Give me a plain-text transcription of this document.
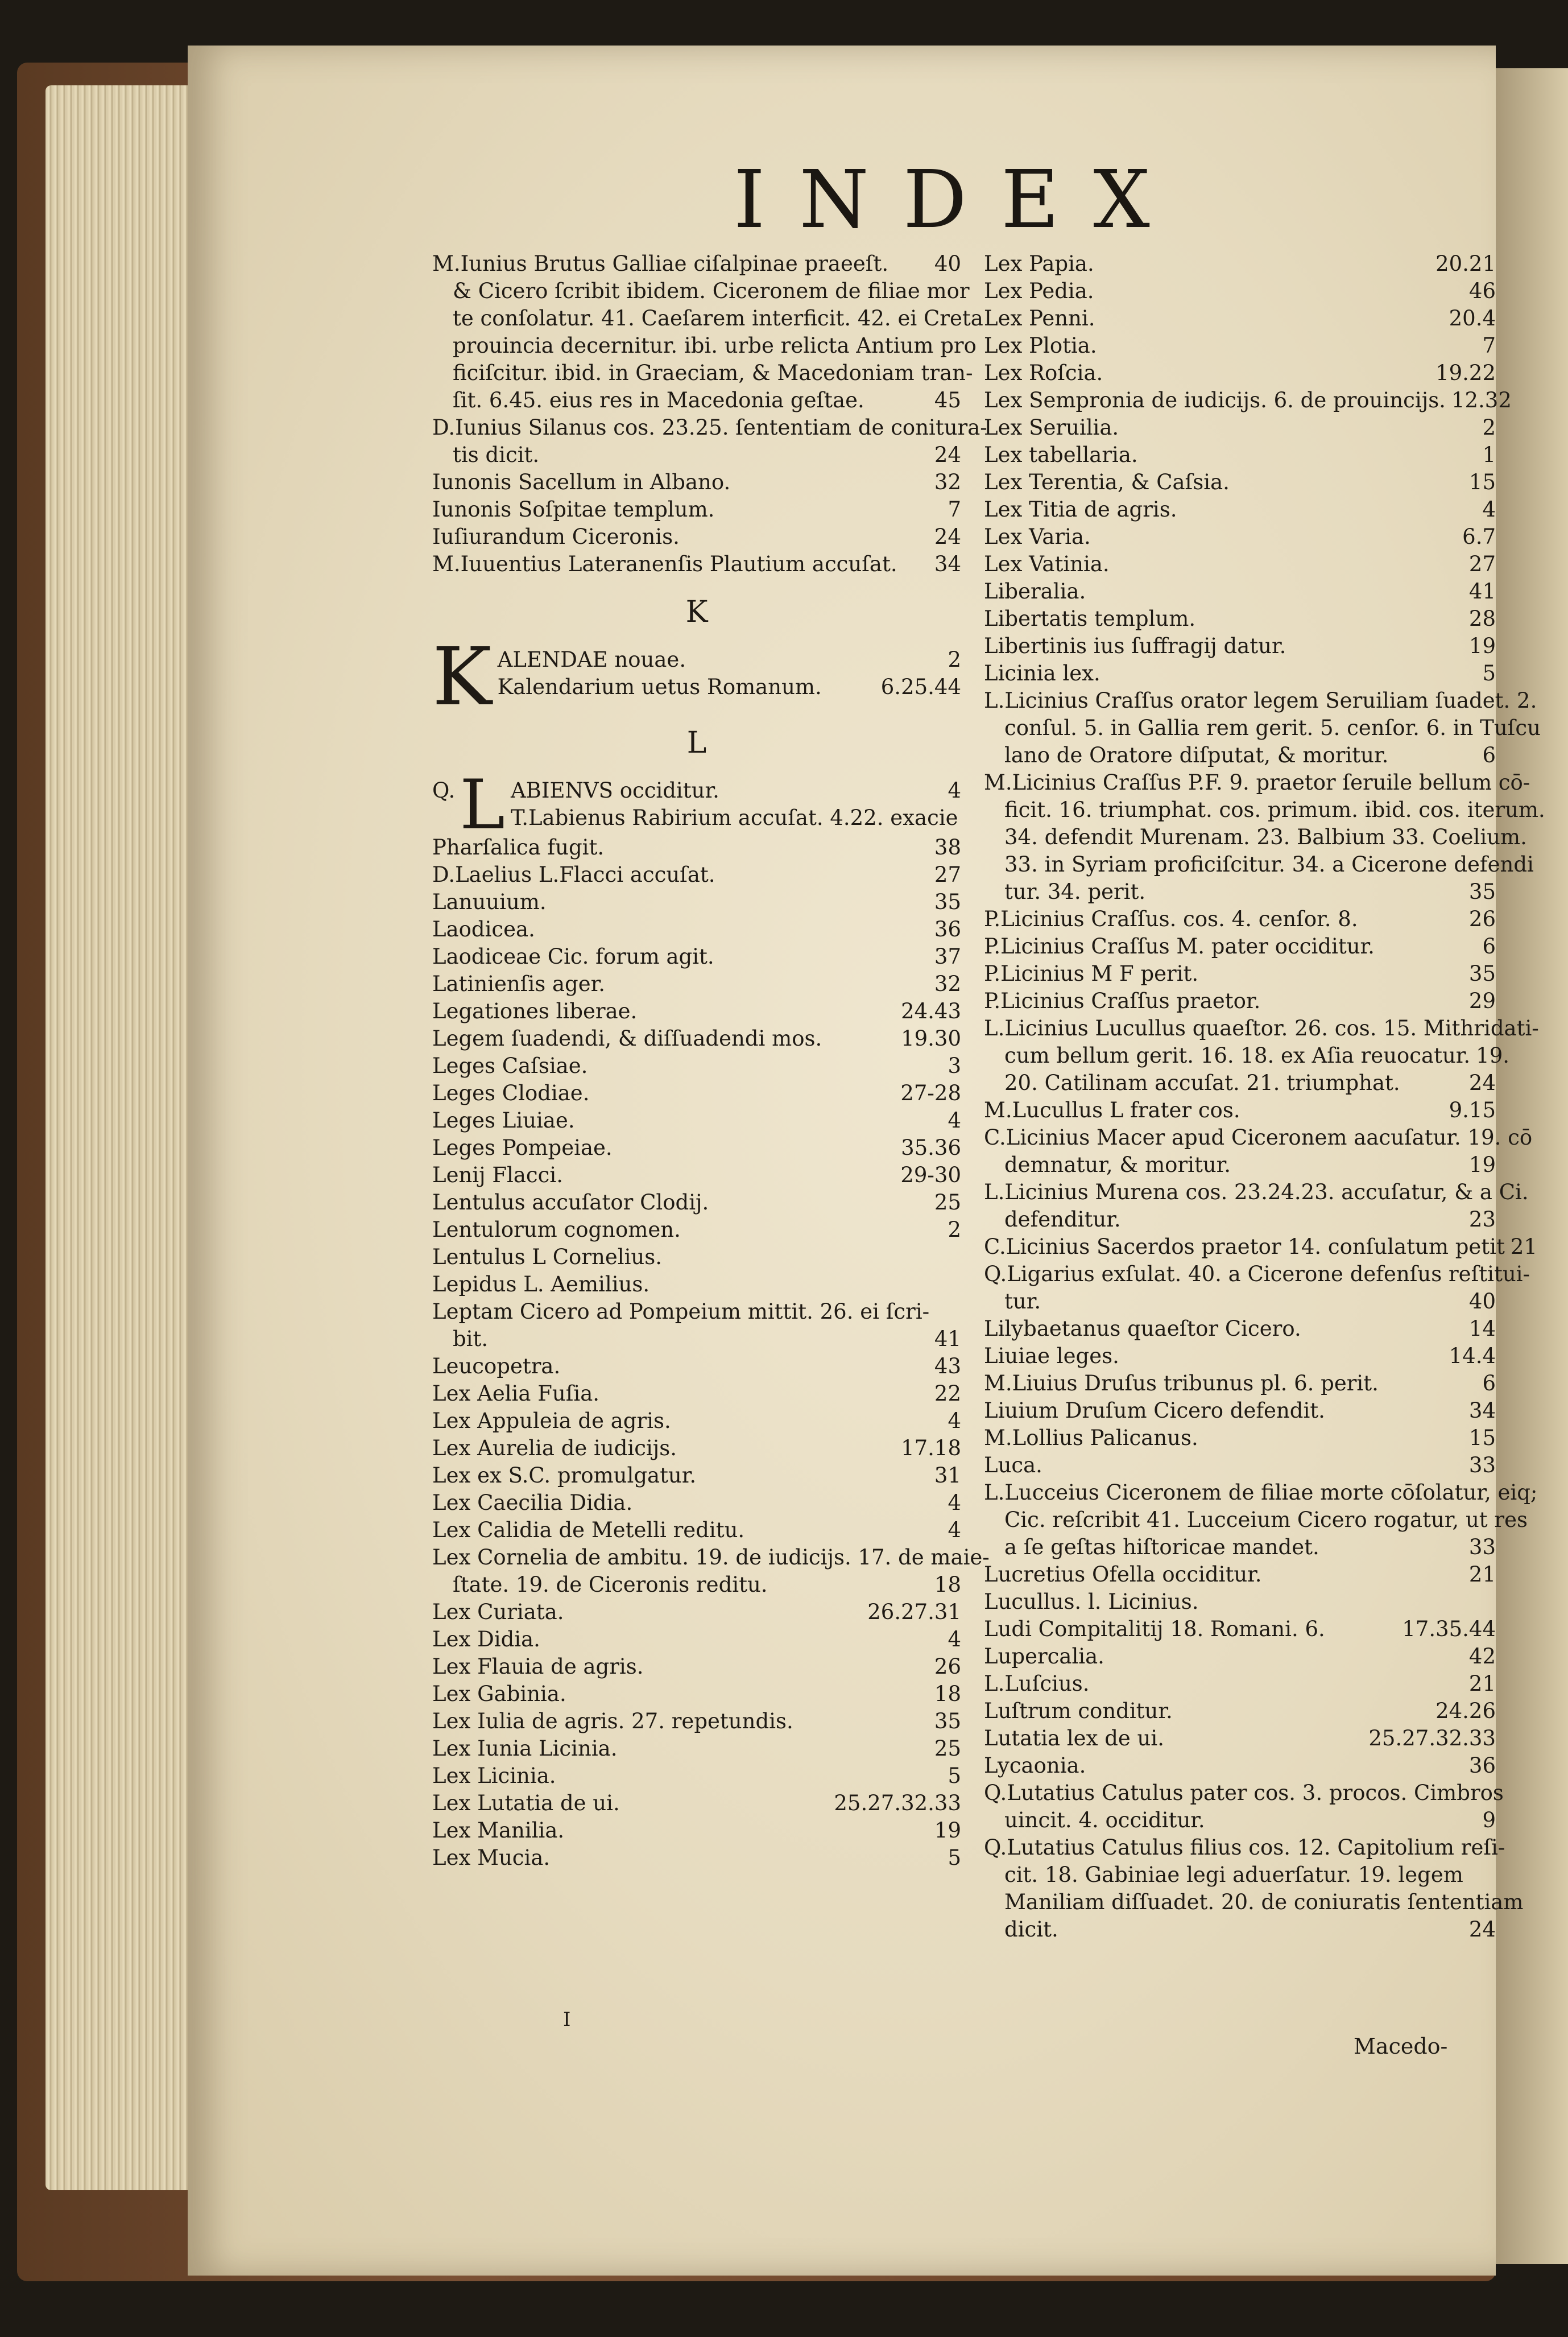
INDEX
M.Iunius Brutus Galliae ciſalpinae praeeſt. 40
& Cicero ſcribit ibidem. Ciceronem de filiae mor
te conſolatur. 41. Caeſarem interficit. 42. ei Creta
prouincia decernitur. ibi. urbe relicta Antium pro
ficiſcitur. ibid. in Graeciam, & Macedoniam tran-
ſit. 6.45. eius res in Macedonia geſtae.	45
D.Iunius Silanus cos. 23.25. ſententiam de conitura-
tis dicit.	24
Iunonis Sacellum in Albano.	32
Iunonis Soſpitae templum.	7
Iuſiurandum Ciceronis.	24
M.Iuuentius Lateranenſis Plautium accuſat. 34
K
K ALENDAE nouae.	2
Kalendarium uetus Romanum.	6.25.44
L
Q. L ABIENVS occiditur.	4
T.Labienus Rabirium accuſat. 4.22. exacie
Pharſalica fugit.	38
D.Laelius L.Flacci accuſat.	27
Lanuuium.	35
Laodicea.	36
Laodiceae Cic. forum agit.	37
Latinienſis ager.	32
Legationes liberae.	24.43
Legem ſuadendi, & diſſuadendi mos.	19.30
Leges Caſsiae.	3
Leges Clodiae.	27-28
Leges Liuiae.	4
Leges Pompeiae.	35.36
Lenij Flacci.	29-30
Lentulus accuſator Clodij.	25
Lentulorum cognomen.	2
Lentulus L Cornelius.
Lepidus L. Aemilius.
Leptam Cicero ad Pompeium mittit. 26. ei ſcri-
bit.	41
Leucopetra.	43
Lex Aelia Fuſia.	22
Lex Appuleia de agris.	4
Lex Aurelia de iudicijs.	17.18
Lex ex S.C. promulgatur.	31
Lex Caecilia Didia.	4
Lex Calidia de Metelli reditu.	4
Lex Cornelia de ambitu. 19. de iudicijs. 17. de maie-
ſtate. 19. de Ciceronis reditu.	18
Lex Curiata.	26.27.31
Lex Didia.	4
Lex Flauia de agris.	26
Lex Gabinia.	18
Lex Iulia de agris. 27. repetundis.	35
Lex Iunia Licinia.	25
Lex Licinia.	5
Lex Lutatia de ui.	25.27.32.33
Lex Manilia.	19
Lex Mucia.	5
Lex Papia.	20.21
Lex Pedia.	46
Lex Penni.	20.4
Lex Plotia.	7
Lex Roſcia.	19.22
Lex Sempronia de iudicijs. 6. de prouincijs. 12.32
Lex Seruilia.	2
Lex tabellaria.	1
Lex Terentia, & Caſsia.	15
Lex Titia de agris.	4
Lex Varia.	6.7
Lex Vatinia.	27
Liberalia.	41
Libertatis templum.	28
Libertinis ius ſuffragij datur.	19
Licinia lex.	5
L.Licinius Craſſus orator legem Seruiliam ſuadet. 2.
conſul. 5. in Gallia rem gerit. 5. cenſor. 6. in Tuſcu
lano de Oratore diſputat, & moritur.	6
M.Licinius Craſſus P.F. 9. praetor ſeruile bellum cō-
ficit. 16. triumphat. cos. primum. ibid. cos. iterum.
34. defendit Murenam. 23. Balbium 33. Coelium.
33. in Syriam proficiſcitur. 34. a Cicerone defendi
tur. 34. perit.	35
P.Licinius Craſſus. cos. 4. cenſor. 8.	26
P.Licinius Craſſus M. pater occiditur.	6
P.Licinius M F perit.	35
P.Licinius Craſſus praetor.	29
L.Licinius Lucullus quaeſtor. 26. cos. 15. Mithridati-
cum bellum gerit. 16. 18. ex Aſia reuocatur. 19.
20. Catilinam accuſat. 21. triumphat.	24
M.Lucullus L frater cos.	9.15
C.Licinius Macer apud Ciceronem aacuſatur. 19. cō
demnatur, & moritur.	19
L.Licinius Murena cos. 23.24.23. accuſatur, & a Ci.
defenditur.	23
C.Licinius Sacerdos praetor 14. conſulatum petit 21
Q.Ligarius exſulat. 40. a Cicerone defenſus reſtitui-
tur.	40
Lilybaetanus quaeſtor Cicero.	14
Liuiae leges.	14.4
M.Liuius Druſus tribunus pl. 6. perit.	6
Liuium Druſum Cicero defendit.	34
M.Lollius Palicanus.	15
Luca.	33
L.Lucceius Ciceronem de filiae morte cōſolatur, eiq;
Cic. reſcribit 41. Lucceium Cicero rogatur, ut res
a ſe geſtas hiſtoricae mandet.	33
Lucretius Ofella occiditur.	21
Lucullus. l. Licinius.
Ludi Compitalitij 18. Romani. 6.	17.35.44
Lupercalia.	42
L.Luſcius.	21
Luſtrum conditur.	24.26
Lutatia lex de ui.	25.27.32.33
Lycaonia.	36
Q.Lutatius Catulus pater cos. 3. procos. Cimbros
uincit. 4. occiditur.	9
Q.Lutatius Catulus filius cos. 12. Capitolium reſi-
cit. 18. Gabiniae legi aduerſatur. 19. legem
Maniliam diſſuadet. 20. de coniuratis ſententiam
dicit.	24
I
Macedo-
